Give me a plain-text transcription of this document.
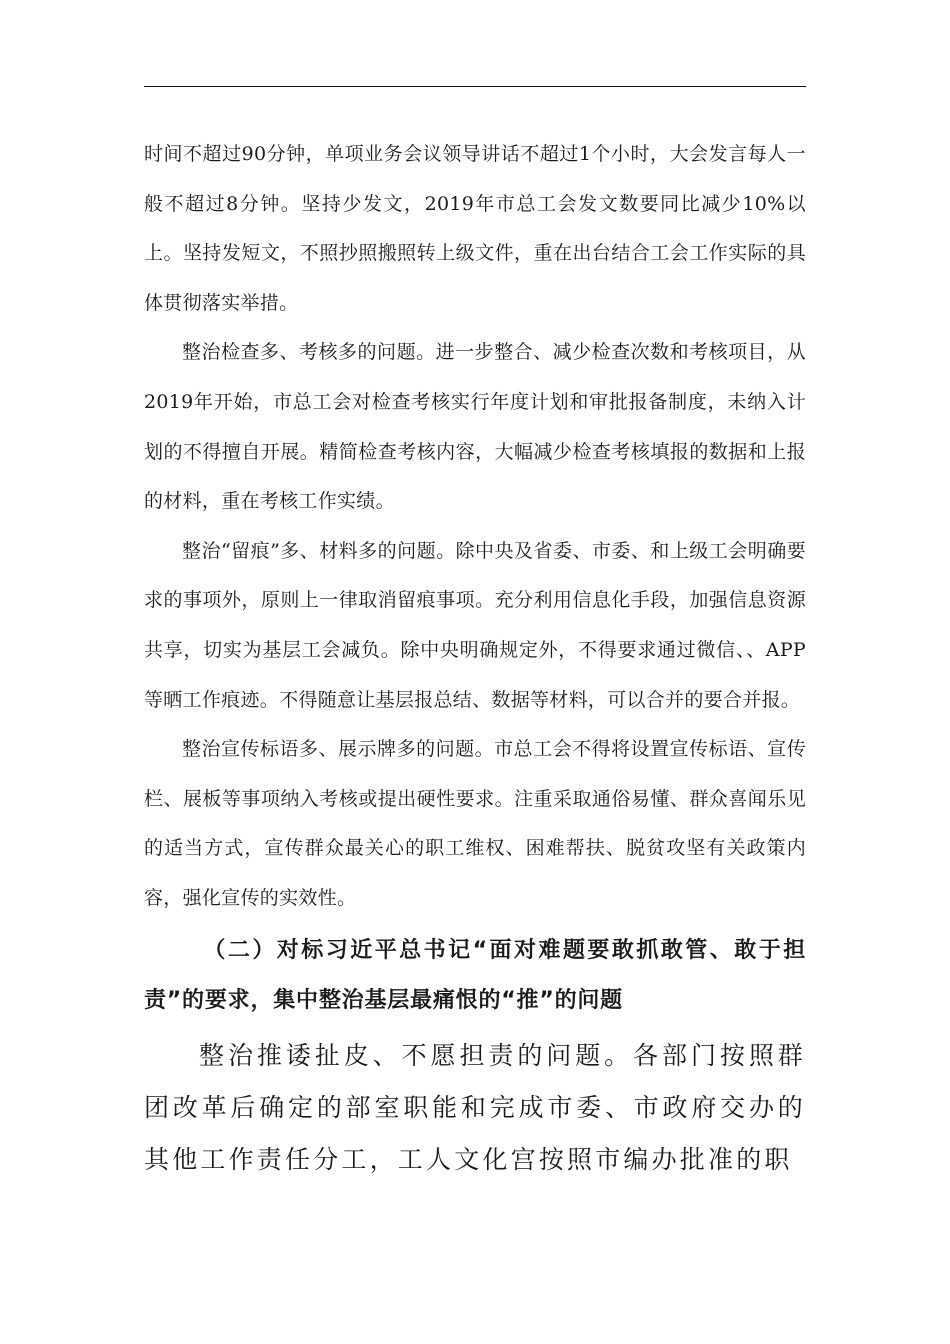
时间不超过90分钟，单项业务会议领导讲话不超过1个小时，大会发言每人一般不超过8分钟。坚持少发文，2019年市总工会发文数要同比减少10%以上。坚持发短文，不照抄照搬照转上级文件，重在出台结合工会工作实际的具体贯彻落实举措。

整治检查多、考核多的问题。进一步整合、减少检查次数和考核项目，从2019年开始，市总工会对检查考核实行年度计划和审批报备制度，未纳入计划的不得擅自开展。精简检查考核内容，大幅减少检查考核填报的数据和上报的材料，重在考核工作实绩。

整治“留痕”多、材料多的问题。除中央及省委、市委、和上级工会明确要求的事项外，原则上一律取消留痕事项。充分利用信息化手段，加强信息资源共享，切实为基层工会减负。除中央明确规定外，不得要求通过微信、、APP等晒工作痕迹。不得随意让基层报总结、数据等材料，可以合并的要合并报。

整治宣传标语多、展示牌多的问题。市总工会不得将设置宣传标语、宣传栏、展板等事项纳入考核或提出硬性要求。注重采取通俗易懂、群众喜闻乐见的适当方式，宣传群众最关心的职工维权、困难帮扶、脱贫攻坚有关政策内容，强化宣传的实效性。

（二）对标习近平总书记“面对难题要敢抓敢管、敢于担责”的要求，集中整治基层最痛恨的“推”的问题

整治推诿扯皮、不愿担责的问题。各部门按照群团改革后确定的部室职能和完成市委、市政府交办的其他工作责任分工，工人文化宫按照市编办批准的职
